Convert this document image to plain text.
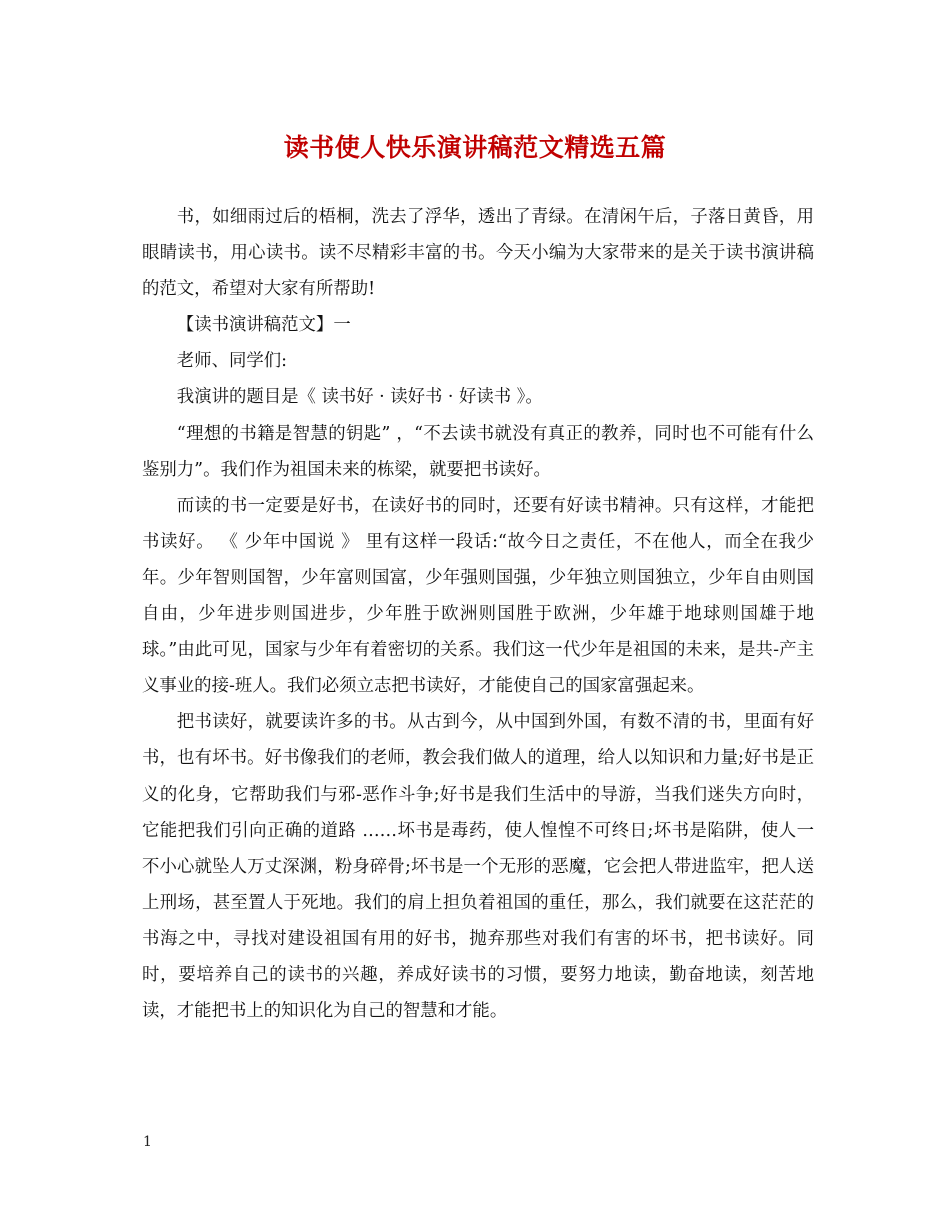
读书使人快乐演讲稿范文精选五篇

书，如细雨过后的梧桐，洗去了浮华，透出了青绿。在清闲午后，子落日黄昏，用眼睛读书，用心读书。读不尽精彩丰富的书。今天小编为大家带来的是关于读书演讲稿的范文，希望对大家有所帮助!

【读书演讲稿范文】一

老师、同学们:

我演讲的题目是《 读书好 · 读好书 · 好读书 》。

“理想的书籍是智慧的钥匙” ，“不去读书就没有真正的教养，同时也不可能有什么鉴别力”。我们作为祖国未来的栋梁，就要把书读好。

而读的书一定要是好书，在读好书的同时，还要有好读书精神。只有这样，才能把书读好。 《 少年中国说 》 里有这样一段话:“故今日之责任，不在他人，而全在我少年。少年智则国智，少年富则国富，少年强则国强，少年独立则国独立，少年自由则国自由，少年进步则国进步，少年胜于欧洲则国胜于欧洲，少年雄于地球则国雄于地球。”由此可见，国家与少年有着密切的关系。我们这一代少年是祖国的未来，是共-产主义事业的接-班人。我们必须立志把书读好，才能使自己的国家富强起来。

把书读好，就要读许多的书。从古到今，从中国到外国，有数不清的书，里面有好书，也有坏书。好书像我们的老师，教会我们做人的道理，给人以知识和力量;好书是正义的化身，它帮助我们与邪-恶作斗争;好书是我们生活中的导游，当我们迷失方向时，它能把我们引向正确的道路 ……坏书是毒药，使人惶惶不可终日;坏书是陷阱，使人一不小心就坠人万丈深渊，粉身碎骨;坏书是一个无形的恶魔，它会把人带进监牢，把人送上刑场，甚至置人于死地。我们的肩上担负着祖国的重任，那么，我们就要在这茫茫的书海之中，寻找对建设祖国有用的好书，抛弃那些对我们有害的坏书，把书读好。同时，要培养自己的读书的兴趣，养成好读书的习惯，要努力地读，勤奋地读，刻苦地读，才能把书上的知识化为自己的智慧和才能。

1
